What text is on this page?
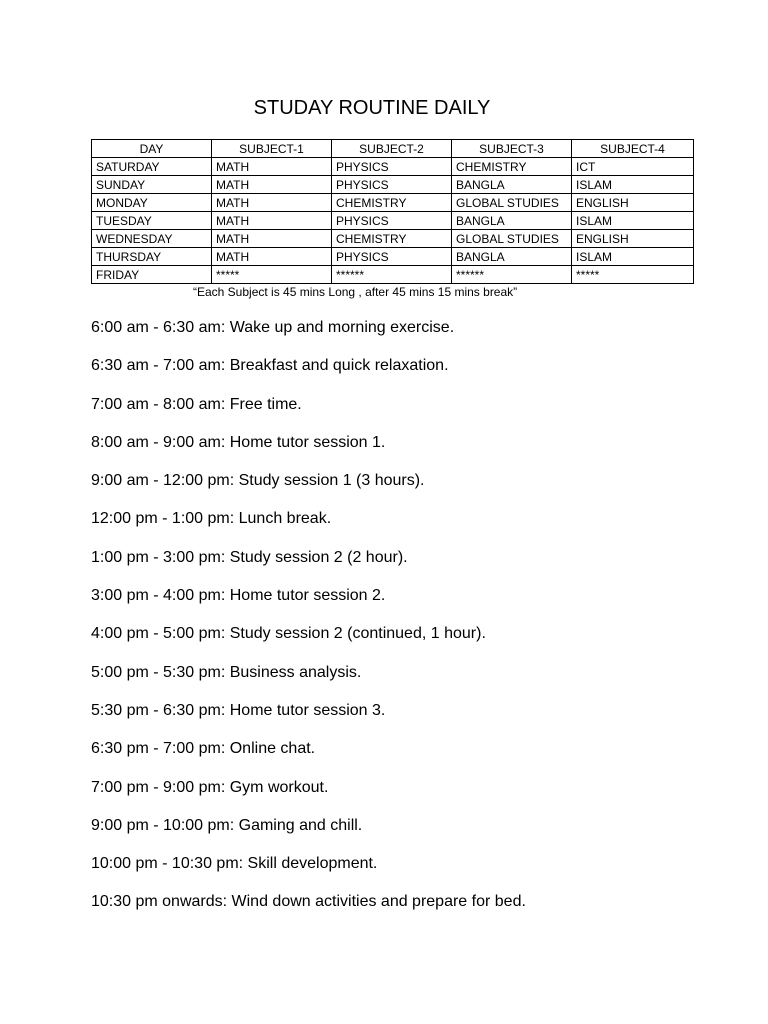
STUDAY ROUTINE DAILY
DAY	SUBJECT-1	SUBJECT-2	SUBJECT-3	SUBJECT-4
SATURDAY	MATH	PHYSICS	CHEMISTRY	ICT
SUNDAY	MATH	PHYSICS	BANGLA	ISLAM
MONDAY	MATH	CHEMISTRY	GLOBAL STUDIES	ENGLISH
TUESDAY	MATH	PHYSICS	BANGLA	ISLAM
WEDNESDAY	MATH	CHEMISTRY	GLOBAL STUDIES	ENGLISH
THURSDAY	MATH	PHYSICS	BANGLA	ISLAM
FRIDAY	*****	******	******	*****
“Each Subject is 45 mins Long , after 45 mins 15 mins break”
6:00 am - 6:30 am: Wake up and morning exercise.
6:30 am - 7:00 am: Breakfast and quick relaxation.
7:00 am - 8:00 am: Free time.
8:00 am - 9:00 am: Home tutor session 1.
9:00 am - 12:00 pm: Study session 1 (3 hours).
12:00 pm - 1:00 pm: Lunch break.
1:00 pm - 3:00 pm: Study session 2 (2 hour).
3:00 pm - 4:00 pm: Home tutor session 2.
4:00 pm - 5:00 pm: Study session 2 (continued, 1 hour).
5:00 pm - 5:30 pm: Business analysis.
5:30 pm - 6:30 pm: Home tutor session 3.
6:30 pm - 7:00 pm: Online chat.
7:00 pm - 9:00 pm: Gym workout.
9:00 pm - 10:00 pm: Gaming and chill.
10:00 pm - 10:30 pm: Skill development.
10:30 pm onwards: Wind down activities and prepare for bed.
